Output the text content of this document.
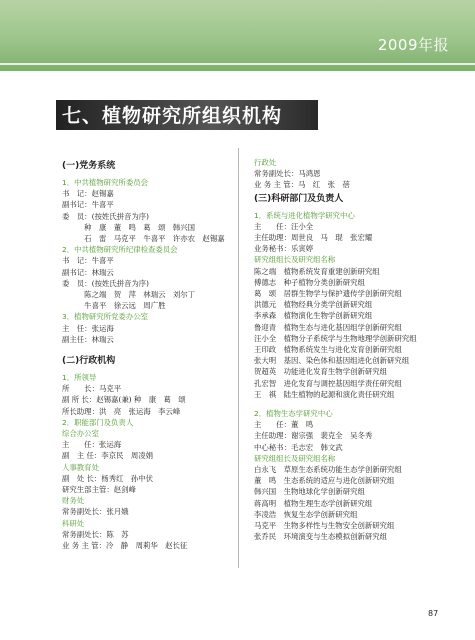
2009年报
七、植物研究所组织机构
(一)党务系统
1．中共植物研究所委员会
书　记：赵锡嘉
副书记：牛喜平
委　员：(按姓氏拼音为序)
　　　种　康　董　鸣　葛　颂　韩兴国
　　　石　雷　马克平　牛喜平　许亦农　赵锡嘉
2．中共植物研究所纪律检查委员会
书　记：牛喜平
副书记：林瑞云
委　员：(按姓氏拼音为序)
　　　陈之端　贺　萍　林瑞云　刘尔丁
　　　牛喜平　徐云远　周广胜
3．植物研究所党委办公室
主　任：张运海
副主任：林瑞云
(二)行政机构
1．所领导
所　　长：马克平
副 所 长：赵锡嘉(兼) 种　康　葛　颂
所长助理：洪　亮　张运海　李云峰
2．职能部门及负责人
综合办公室
主　　任：张运海
副　主 任：李京民　周凌娟
人事教育处
副　处 长：杨秀红　孙中伏
研究生部主管：赵剑峰
财务处
常务副处长：张月娥
科研处
常务副处长：陈　苏
业 务 主 管：冷　静　周莉华　赵长征
行政处
常务副处长：马鸿恩
业 务 主 管：马　红　张　蓓
(三)科研部门及负责人
1．系统与进化植物学研究中心
主　　任：汪小全
主任助理：周世良　马　琨　张宏耀
业务秘书：乐寅婷
研究组组长及研究组名称
陈之端　植物系统发育重建创新研究组
傅德志　种子植物分类创新研究组
葛　颂　居群生物学与保护遗传学创新研究组
洪德元　植物经典分类学创新研究组
李承森　植物演化生物学创新研究组
鲁迎青　植物生态与进化基因组学创新研究组
汪小全　植物分子系统学与生物地理学创新研究组
王印政　植物系统发生与进化发育创新研究组
张大明　基因、染色体和基因组进化创新研究组
贺超英　功能进化发育生物学创新研究组
孔宏智　进化发育与调控基因组学责任研究组
王　祺　陆生植物的起源和演化责任研究组
2．植物生态学研究中心
主　　任：董　鸣
主任助理：谢宗强　裴克全　吴冬秀
中心秘书：毛志宏　韩文武
研究组组长及研究组名称
白永飞　草原生态系统功能生态学创新研究组
董　鸣　生态系统的适应与进化创新研究组
韩兴国　生物地球化学创新研究组
蒋高明　植物生理生态学创新研究组
李凌浩　恢复生态学创新研究组
马克平　生物多样性与生物安全创新研究组
张乔民　环境演变与生态模拟创新研究组
87
